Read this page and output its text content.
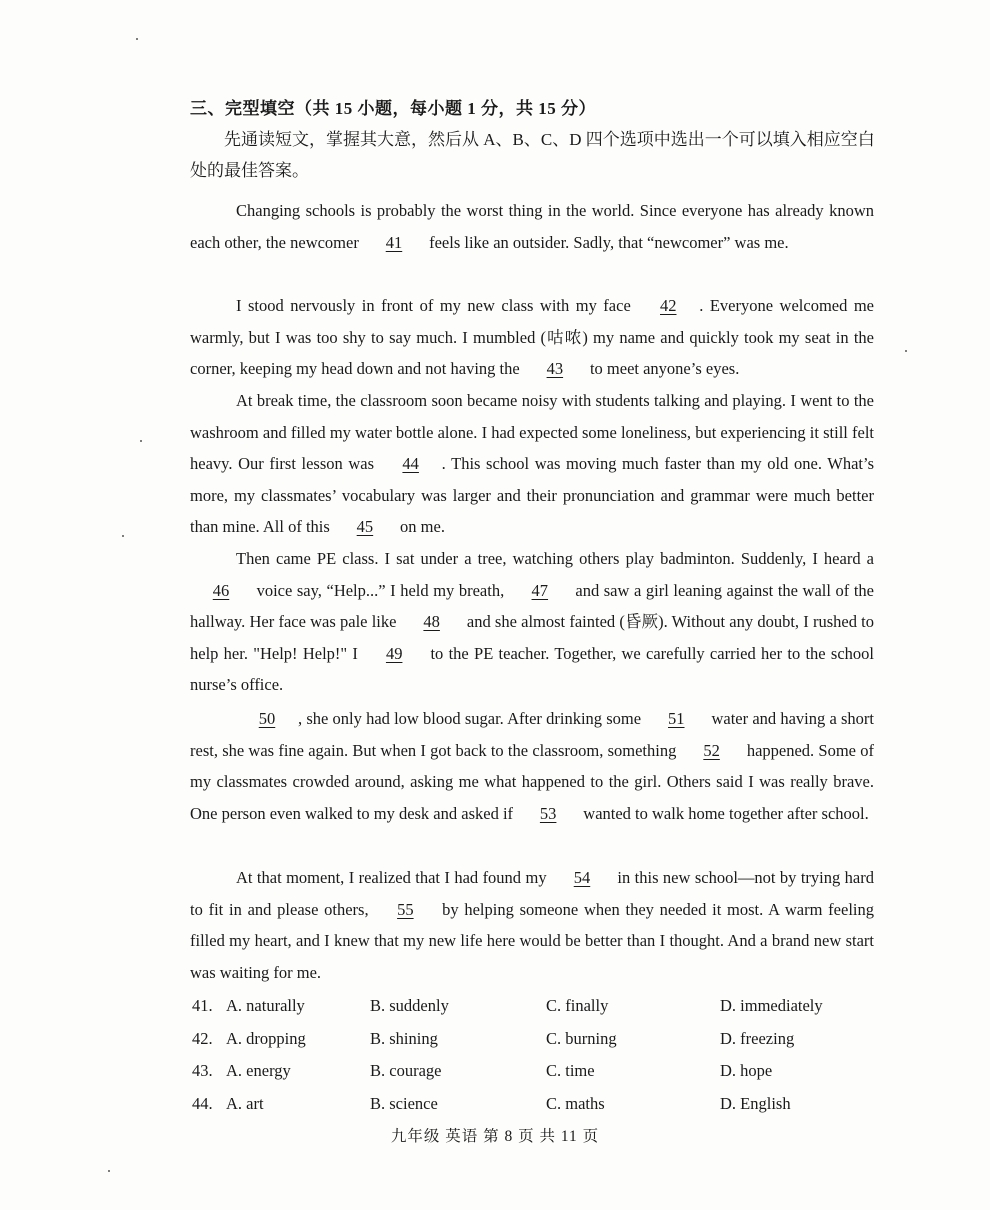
三、完型填空（共 15 小题，每小题 1 分，共 15 分）
先通读短文，掌握其大意，然后从 A、B、C、D 四个选项中选出一个可以填入相应空白处的最佳答案。

Changing schools is probably the worst thing in the world. Since everyone has already known each other, the newcomer 41 feels like an outsider. Sadly, that “newcomer” was me.

I stood nervously in front of my new class with my face 42 . Everyone welcomed me warmly, but I was too shy to say much. I mumbled (咕哝) my name and quickly took my seat in the corner, keeping my head down and not having the 43 to meet anyone’s eyes.

At break time, the classroom soon became noisy with students talking and playing. I went to the washroom and filled my water bottle alone. I had expected some loneliness, but experiencing it still felt heavy. Our first lesson was 44 . This school was moving much faster than my old one. What’s more, my classmates’ vocabulary was larger and their pronunciation and grammar were much better than mine. All of this 45 on me.

Then came PE class. I sat under a tree, watching others play badminton. Suddenly, I heard a 46 voice say, “Help...” I held my breath, 47 and saw a girl leaning against the wall of the hallway. Her face was pale like 48 and she almost fainted (昏厥). Without any doubt, I rushed to help her. "Help! Help!" I 49 to the PE teacher. Together, we carefully carried her to the school nurse’s office.

50 , she only had low blood sugar. After drinking some 51 water and having a short rest, she was fine again. But when I got back to the classroom, something 52 happened. Some of my classmates crowded around, asking me what happened to the girl. Others said I was really brave. One person even walked to my desk and asked if 53 wanted to walk home together after school.

At that moment, I realized that I had found my 54 in this new school—not by trying hard to fit in and please others, 55 by helping someone when they needed it most. A warm feeling filled my heart, and I knew that my new life here would be better than I thought. And a brand new start was waiting for me.

41. A. naturally	B. suddenly	C. finally	D. immediately
42. A. dropping	B. shining	C. burning	D. freezing
43. A. energy	B. courage	C. time	D. hope
44. A. art	B. science	C. maths	D. English
九年级 英语 第 8 页 共 11 页
